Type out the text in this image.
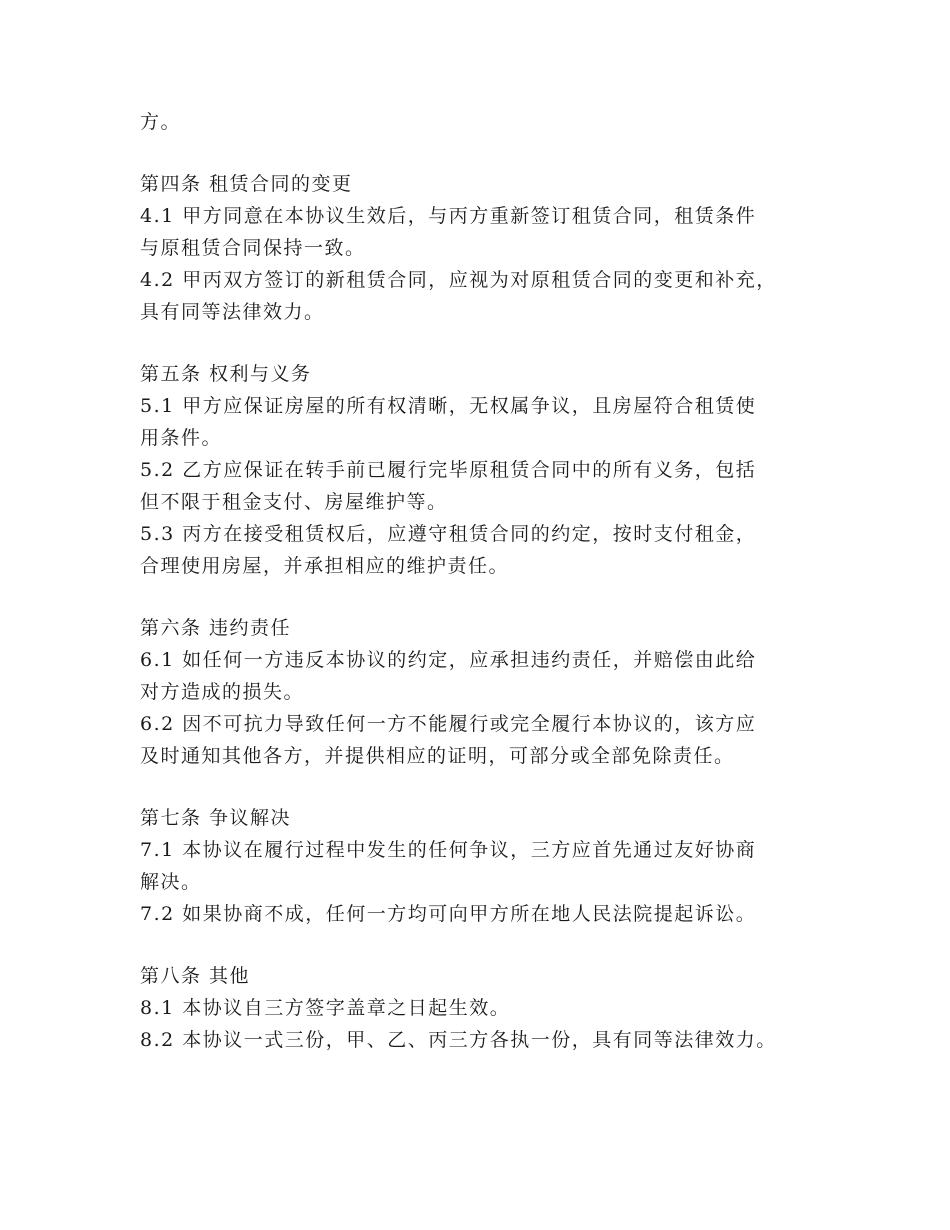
方。
第四条 租赁合同的变更
4.1 甲方同意在本协议生效后，与丙方重新签订租赁合同，租赁条件
与原租赁合同保持一致。
4.2 甲丙双方签订的新租赁合同，应视为对原租赁合同的变更和补充，
具有同等法律效力。
第五条 权利与义务
5.1 甲方应保证房屋的所有权清晰，无权属争议，且房屋符合租赁使
用条件。
5.2 乙方应保证在转手前已履行完毕原租赁合同中的所有义务，包括
但不限于租金支付、房屋维护等。
5.3 丙方在接受租赁权后，应遵守租赁合同的约定，按时支付租金，
合理使用房屋，并承担相应的维护责任。
第六条 违约责任
6.1 如任何一方违反本协议的约定，应承担违约责任，并赔偿由此给
对方造成的损失。
6.2 因不可抗力导致任何一方不能履行或完全履行本协议的，该方应
及时通知其他各方，并提供相应的证明，可部分或全部免除责任。
第七条 争议解决
7.1 本协议在履行过程中发生的任何争议，三方应首先通过友好协商
解决。
7.2 如果协商不成，任何一方均可向甲方所在地人民法院提起诉讼。
第八条 其他
8.1 本协议自三方签字盖章之日起生效。
8.2 本协议一式三份，甲、乙、丙三方各执一份，具有同等法律效力。
